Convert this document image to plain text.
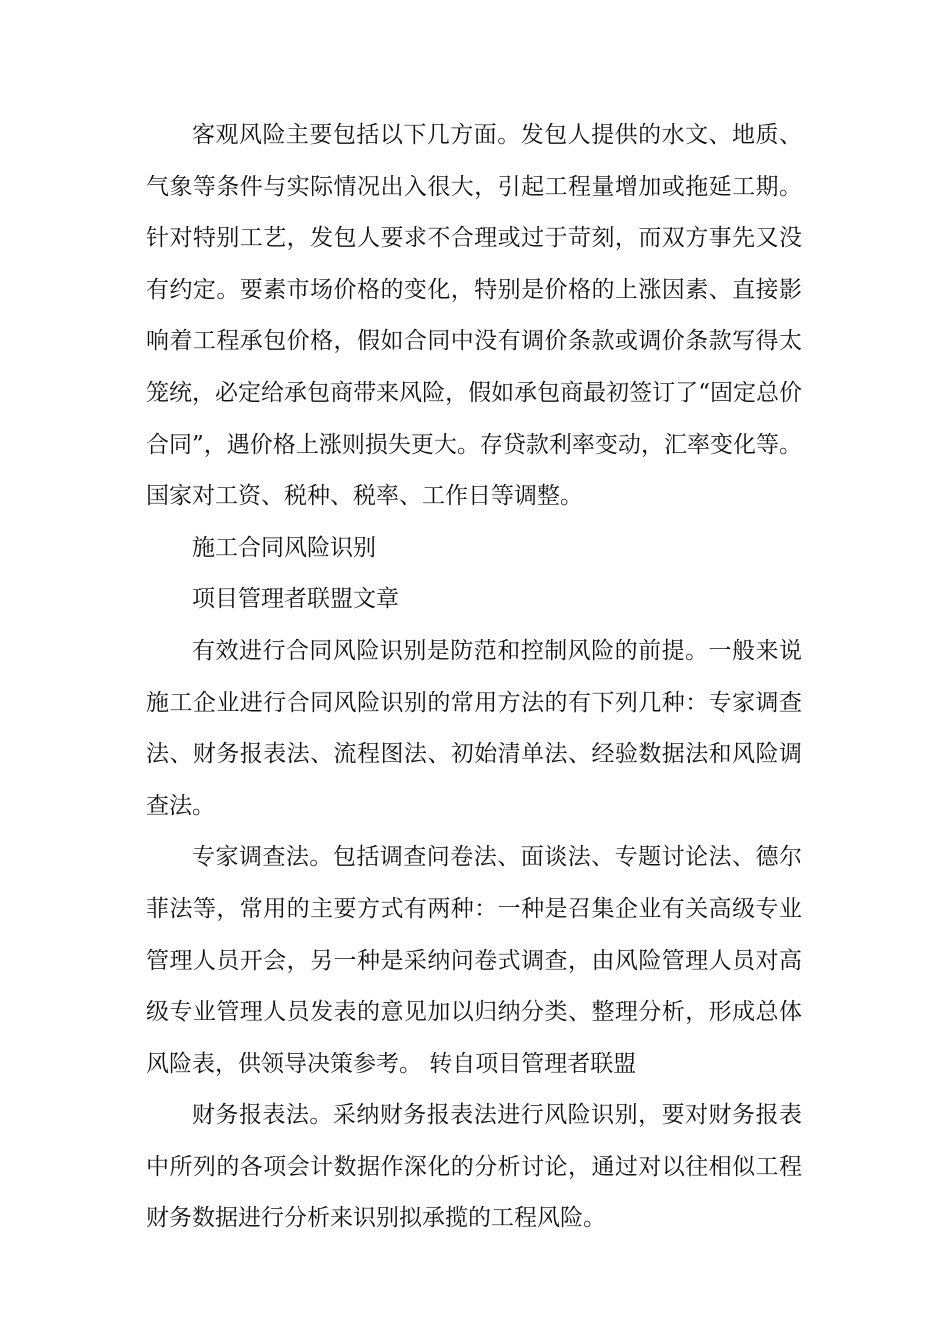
客观风险主要包括以下几方面。发包人提供的水文、地质、气象等条件与实际情况出入很大，引起工程量增加或拖延工期。针对特别工艺，发包人要求不合理或过于苛刻，而双方事先又没有约定。要素市场价格的变化，特别是价格的上涨因素、直接影响着工程承包价格，假如合同中没有调价条款或调价条款写得太笼统，必定给承包商带来风险，假如承包商最初签订了“固定总价合同”，遇价格上涨则损失更大。存贷款利率变动，汇率变化等。国家对工资、税种、税率、工作日等调整。

施工合同风险识别

项目管理者联盟文章

有效进行合同风险识别是防范和控制风险的前提。一般来说施工企业进行合同风险识别的常用方法的有下列几种：专家调查法、财务报表法、流程图法、初始清单法、经验数据法和风险调查法。

专家调查法。包括调查问卷法、面谈法、专题讨论法、德尔菲法等，常用的主要方式有两种：一种是召集企业有关高级专业管理人员开会，另一种是采纳问卷式调查，由风险管理人员对高级专业管理人员发表的意见加以归纳分类、整理分析，形成总体风险表，供领导决策参考。 转自项目管理者联盟

财务报表法。采纳财务报表法进行风险识别，要对财务报表中所列的各项会计数据作深化的分析讨论，通过对以往相似工程财务数据进行分析来识别拟承揽的工程风险。
